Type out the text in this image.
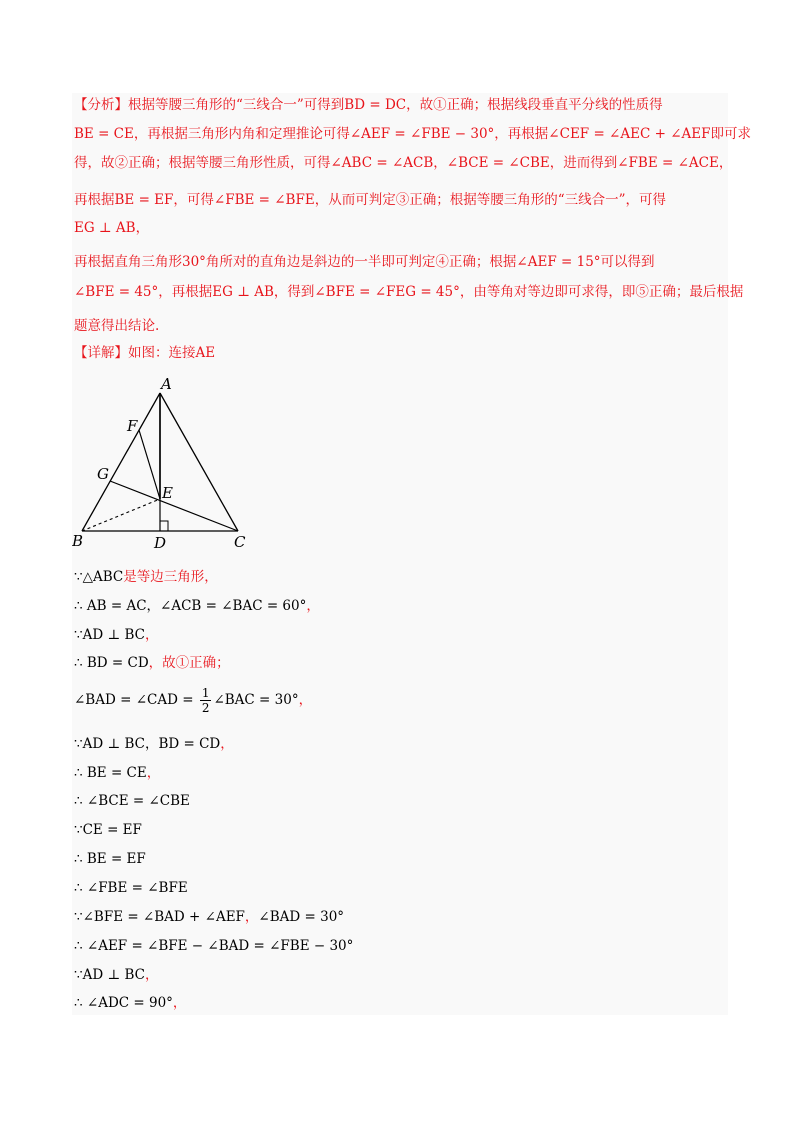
【分析】根据等腰三角形的“三线合一”可得到BD = DC，故①正确；根据线段垂直平分线的性质得
BE = CE，再根据三角形内角和定理推论可得∠AEF = ∠FBE − 30°，再根据∠CEF = ∠AEC + ∠AEF即可求
得，故②正确；根据等腰三角形性质，可得∠ABC = ∠ACB，∠BCE = ∠CBE，进而得到∠FBE = ∠ACE，
再根据BE = EF，可得∠FBE = ∠BFE，从而可判定③正确；根据等腰三角形的“三线合一”，可得
EG ⊥ AB，
再根据直角三角形30°角所对的直角边是斜边的一半即可判定④正确；根据∠AEF = 15°可以得到
∠BFE = 45°，再根据EG ⊥ AB，得到∠BFE = ∠FEG = 45°，由等角对等边即可求得，即⑤正确；最后根据
题意得出结论.
【详解】如图：连接AE
A
B	C
D
E
F
G
∵△ABC是等边三角形，
∴ AB = AC，∠ACB = ∠BAC = 60°，
∵AD ⊥ BC，
∴ BD = CD，故①正确；
∠BAD = ∠CAD = $\frac{1}{2}$ ∠BAC = 30°，
∵AD ⊥ BC，BD = CD，
∴ BE = CE，
∴ ∠BCE = ∠CBE
∵CE = EF
∴ BE = EF
∴ ∠FBE = ∠BFE
∵∠BFE = ∠BAD + ∠AEF，∠BAD = 30°
∴ ∠AEF = ∠BFE − ∠BAD = ∠FBE − 30°
∵AD ⊥ BC，
∴ ∠ADC = 90°，
